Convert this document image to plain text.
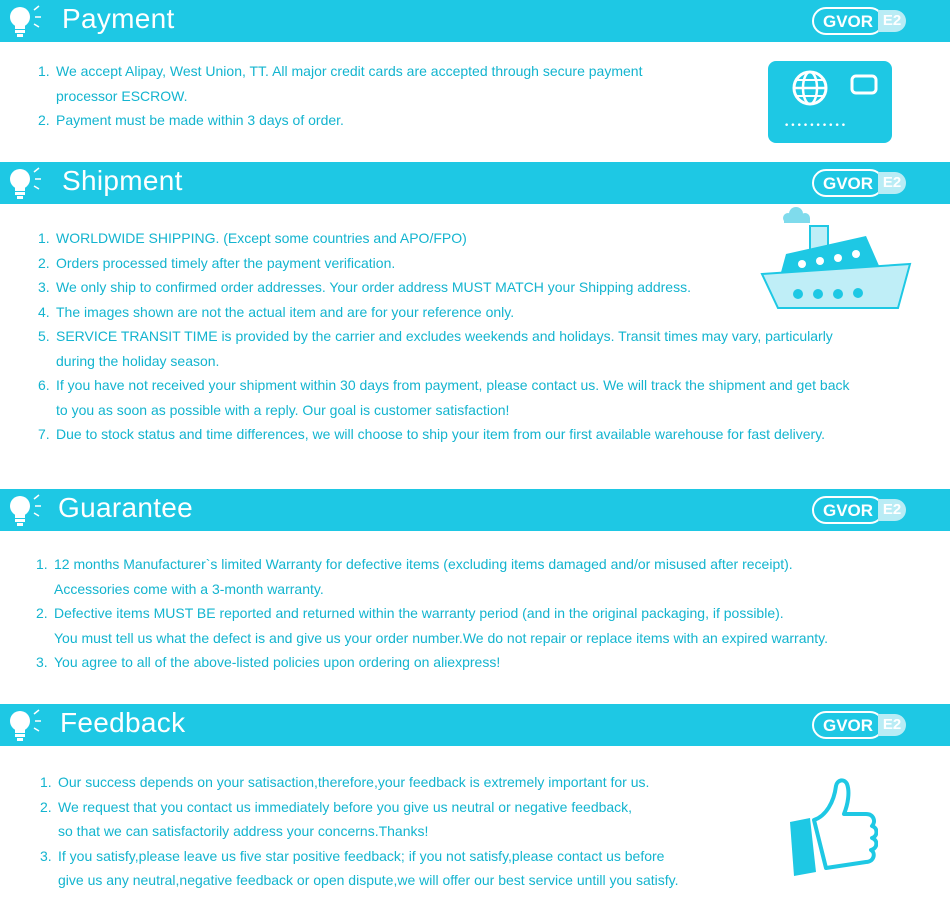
Payment	GVOR E2
1. We accept Alipay, West Union, TT. All major credit cards are accepted through secure payment
processor ESCROW.
2. Payment must be made within 3 days of order.	••••••••••
Shipment	GVOR E2
1. WORLDWIDE SHIPPING. (Except some countries and APO/FPO)
2. Orders processed timely after the payment verification.
3. We only ship to confirmed order addresses. Your order address MUST MATCH your Shipping address.
4. The images shown are not the actual item and are for your reference only.
5. SERVICE TRANSIT TIME is provided by the carrier and excludes weekends and holidays. Transit times may vary, particularly
during the holiday season.
6. If you have not received your shipment within 30 days from payment, please contact us. We will track the shipment and get back
to you as soon as possible with a reply. Our goal is customer satisfaction!
7. Due to stock status and time differences, we will choose to ship your item from our first available warehouse for fast delivery.
Guarantee	GVOR E2
1. 12 months Manufacturer`s limited Warranty for defective items (excluding items damaged and/or misused after receipt).
Accessories come with a 3-month warranty.
2. Defective items MUST BE reported and returned within the warranty period (and in the original packaging, if possible).
You must tell us what the defect is and give us your order number.We do not repair or replace items with an expired warranty.
3. You agree to all of the above-listed policies upon ordering on aliexpress!
Feedback	GVOR E2
1. Our success depends on your satisaction,therefore,your feedback is extremely important for us.
2. We request that you contact us immediately before you give us neutral or negative feedback,
so that we can satisfactorily address your concerns.Thanks!
3. If you satisfy,please leave us five star positive feedback; if you not satisfy,please contact us before
give us any neutral,negative feedback or open dispute,we will offer our best service untill you satisfy.
